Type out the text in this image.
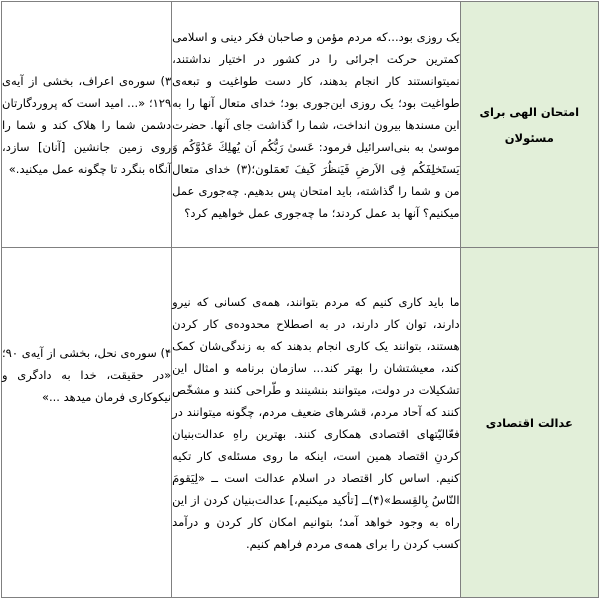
امتحان الهی برای مسئولان	یک روزی بود...که مردم مؤمن و صاحبان فکر دینی و اسلامی کمترین حرکت اجرائی را در کشور در اختیار نداشتند، نمیتوانستند کار انجام بدهند، کار دست طواغیت و تبعه‌ی طواغیت بود؛ یک روزی این‌جوری بود؛ خدای متعال آنها را به این مسندها بیرون انداخت، شما را گذاشت جای آنها. حضرت موسیٰ به بنی‌اسرائیل فرمود: عَسىٰ رَبُّكُم اَن يُهلِكَ عَدُوَّكُم وَ يَستَخلِفَكُم فِى الاَرضِ فَيَنظُرَ كَيفَ تَعمَلون؛(۳) خدای متعال من و شما را گذاشته، باید امتحان پس بدهیم. چه‌جوری عمل میکنیم؟ آنها بد عمل کردند؛ ما چه‌جوری عمل خواهیم کرد؟	۳) سوره‌ی اعراف، بخشی از آیه‌ی ۱۲۹؛ «... امید است که پروردگارتان دشمن شما را هلاک کند و شما را روی زمین جانشین [آنان] سازد، آنگاه بنگرد تا چگونه عمل میکنید.»

عدالت اقتصادی	ما باید کاری کنیم که مردم بتوانند، همه‌ی کسانی که نیرو دارند، توان کار دارند، در به اصطلاح محدوده‌ی کار کردن هستند، بتوانند یک کاری انجام بدهند که به زندگی‌شان کمک کند، معیشتشان را بهتر کند... سازمان برنامه و امثال این تشکیلات در دولت، میتوانند بنشینند و طّراحی کنند و مشخّص کنند که آحاد مردم، قشرهای ضعیف مردم، چگونه میتوانند در فعّالیّتهای اقتصادی همکاری کنند. بهترین راهِ عدالت‌بنیان کردنِ اقتصاد همین است، اینکه ما روی مسئله‌ی کار تکیه کنیم. اساس کار اقتصاد در اسلام عدالت است ــ «لِيَقومَ النّاسُ بِالقِسط»(۴)ــ [تأکید میکنیم،] عدالت‌بنیان کردن از این راه به وجود خواهد آمد؛ بتوانیم امکان کار کردن و درآمد کسب کردن را برای همه‌ی مردم فراهم کنیم.	۴) سوره‌ی نحل، بخشی از آیه‌ی ۹۰؛ «در حقیقت، خدا به دادگری و نیکوکاری فرمان میدهد ...»
